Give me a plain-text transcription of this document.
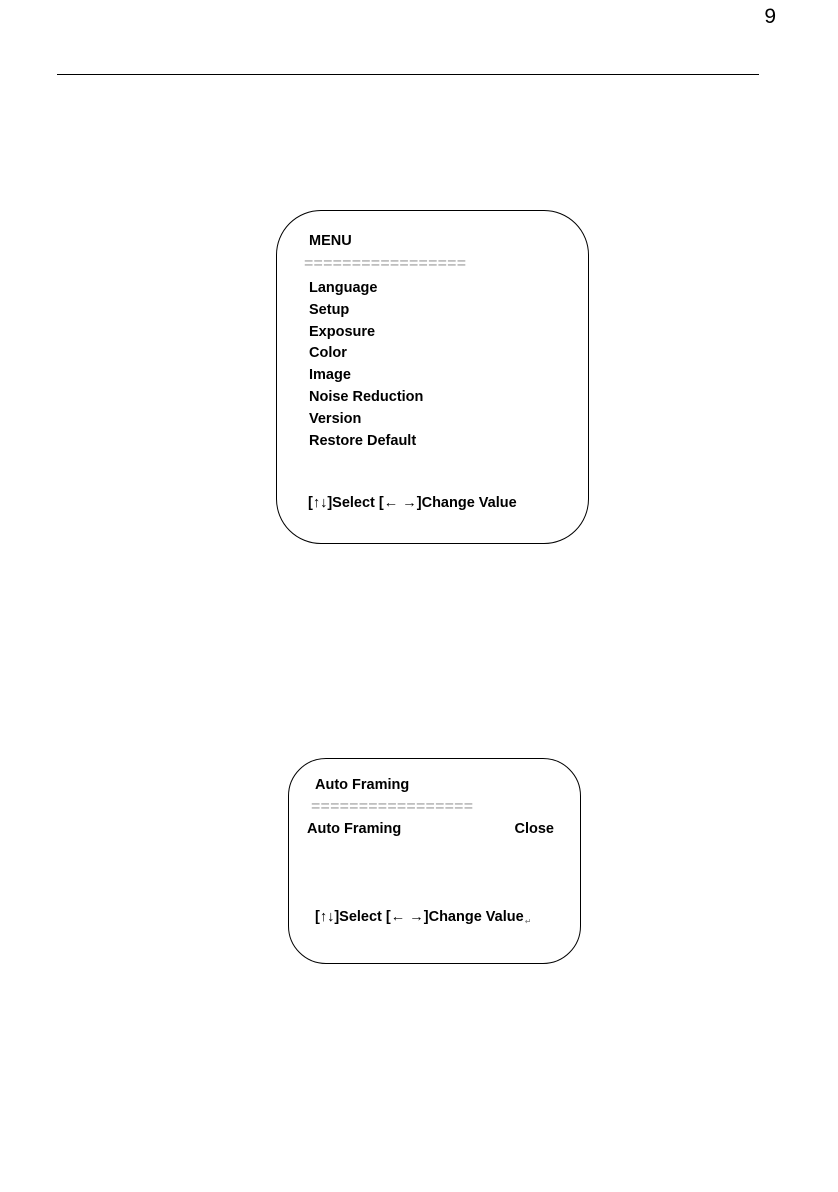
9
MENU
=================
Language
Setup
Exposure
Color
Image
Noise Reduction
Version
Restore Default
[↑↓]Select [← →]Change Value
Auto Framing
=================
Auto Framing	Close
[↑↓]Select [← →]Change Value$_↵$
